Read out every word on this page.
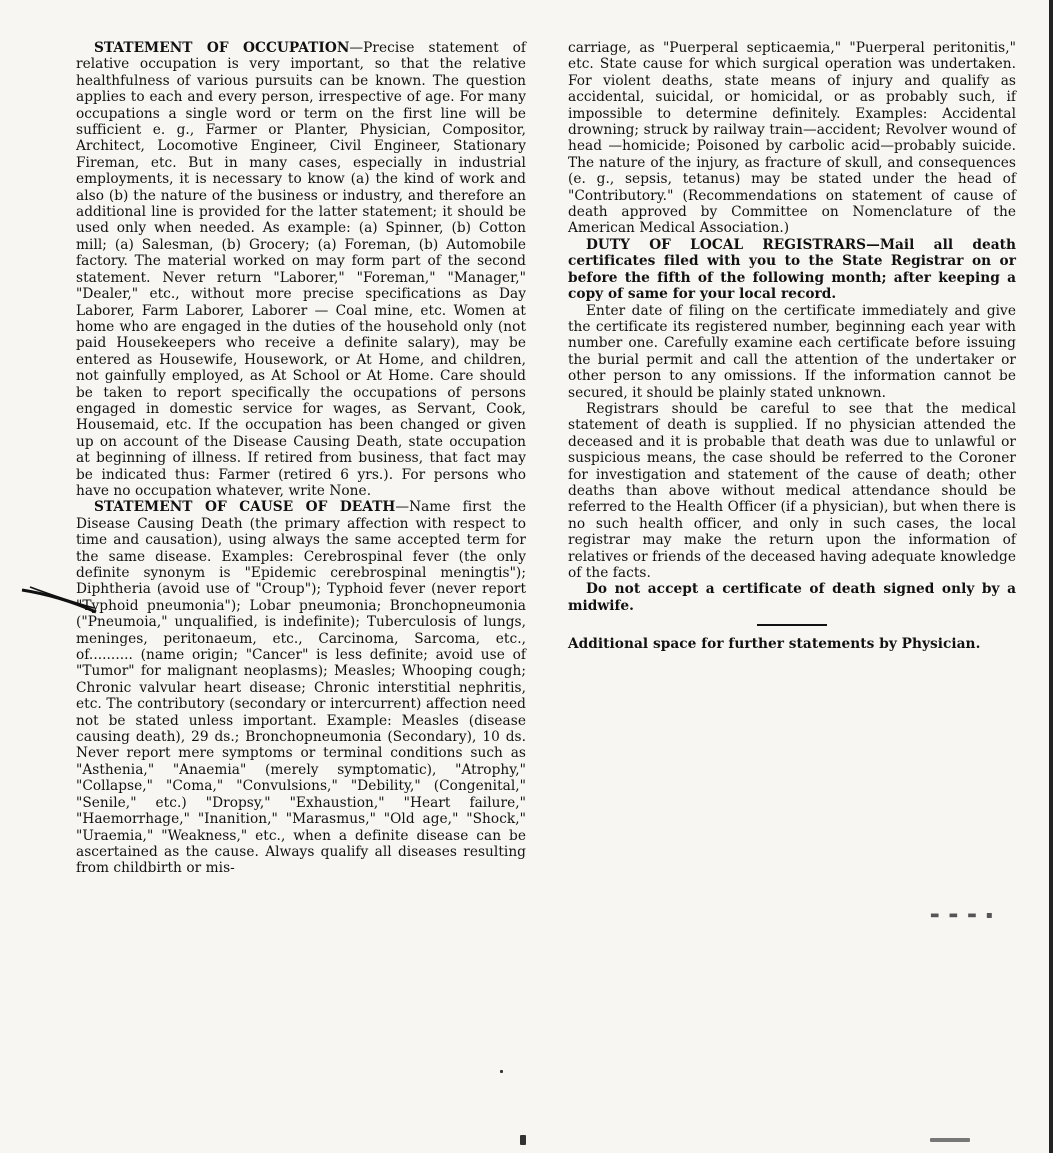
STATEMENT OF OCCUPATION—Precise statement of relative occupation is very important, so that the relative healthfulness of various pursuits can be known. The question applies to each and every person, irrespective of age. For many occupations a single word or term on the first line will be sufficient e. g., Farmer or Planter, Physician, Compositor, Architect, Locomotive Engineer, Civil Engineer, Stationary Fireman, etc. But in many cases, especially in industrial employments, it is necessary to know (a) the kind of work and also (b) the nature of the business or industry, and therefore an additional line is provided for the latter statement; it should be used only when needed. As example: (a) Spinner, (b) Cotton mill; (a) Salesman, (b) Grocery; (a) Foreman, (b) Automobile factory. The material worked on may form part of the second statement. Never return "Laborer," "Foreman," "Manager," "Dealer," etc., without more precise specifications as Day Laborer, Farm Laborer, Laborer — Coal mine, etc. Women at home who are engaged in the duties of the household only (not paid Housekeepers who receive a definite salary), may be entered as Housewife, Housework, or At Home, and children, not gainfully employed, as At School or At Home. Care should be taken to report specifically the occupations of persons engaged in domestic service for wages, as Servant, Cook, Housemaid, etc. If the occupation has been changed or given up on account of the Disease Causing Death, state occupation at beginning of illness. If retired from business, that fact may be indicated thus: Farmer (retired 6 yrs.). For persons who have no occupation whatever, write None.

STATEMENT OF CAUSE OF DEATH—Name first the Disease Causing Death (the primary affection with respect to time and causation), using always the same accepted term for the same disease. Examples: Cerebrospinal fever (the only definite synonym is "Epidemic cerebrospinal meningtis"); Diphtheria (avoid use of "Croup"); Typhoid fever (never report "Typhoid pneumonia"); Lobar pneumonia; Bronchopneumonia ("Pneumoia," unqualified, is indefinite); Tuberculosis of lungs, meninges, peritonaeum, etc., Carcinoma, Sarcoma, etc., of.......... (name origin; "Cancer" is less definite; avoid use of "Tumor" for malignant neoplasms); Measles; Whooping cough; Chronic valvular heart disease; Chronic interstitial nephritis, etc. The contributory (secondary or intercurrent) affection need not be stated unless important. Example: Measles (disease causing death), 29 ds.; Bronchopneumonia (Secondary), 10 ds. Never report mere symptoms or terminal conditions such as "Asthenia," "Anaemia" (merely symptomatic), "Atrophy," "Collapse," "Coma," "Convulsions," "Debility," (Congenital," "Senile," etc.) "Dropsy," "Exhaustion," "Heart failure," "Haemorrhage," "Inanition," "Marasmus," "Old age," "Shock," "Uraemia," "Weakness," etc., when a definite disease can be ascertained as the cause. Always qualify all diseases resulting from childbirth or mis-

carriage, as "Puerperal septicaemia," "Puerperal peritonitis," etc. State cause for which surgical operation was undertaken. For violent deaths, state means of injury and qualify as accidental, suicidal, or homicidal, or as probably such, if impossible to determine definitely. Examples: Accidental drowning; struck by railway train—accident; Revolver wound of head —homicide; Poisoned by carbolic acid—probably suicide. The nature of the injury, as fracture of skull, and consequences (e. g., sepsis, tetanus) may be stated under the head of "Contributory." (Recommendations on statement of cause of death approved by Committee on Nomenclature of the American Medical Association.)

DUTY OF LOCAL REGISTRARS—Mail all death certificates filed with you to the State Registrar on or before the fifth of the following month; after keeping a copy of same for your local record.

Enter date of filing on the certificate immediately and give the certificate its registered number, beginning each year with number one. Carefully examine each certificate before issuing the burial permit and call the attention of the undertaker or other person to any omissions. If the information cannot be secured, it should be plainly stated unknown.

Registrars should be careful to see that the medical statement of death is supplied. If no physician attended the deceased and it is probable that death was due to unlawful or suspicious means, the case should be referred to the Coroner for investigation and statement of the cause of death; other deaths than above without medical attendance should be referred to the Health Officer (if a physician), but when there is no such health officer, and only in such cases, the local registrar may make the return upon the information of relatives or friends of the deceased having adequate knowledge of the facts.

Do not accept a certificate of death signed only by a midwife.

Additional space for further statements by Physician.

▬ ▬ ▬ ▪
